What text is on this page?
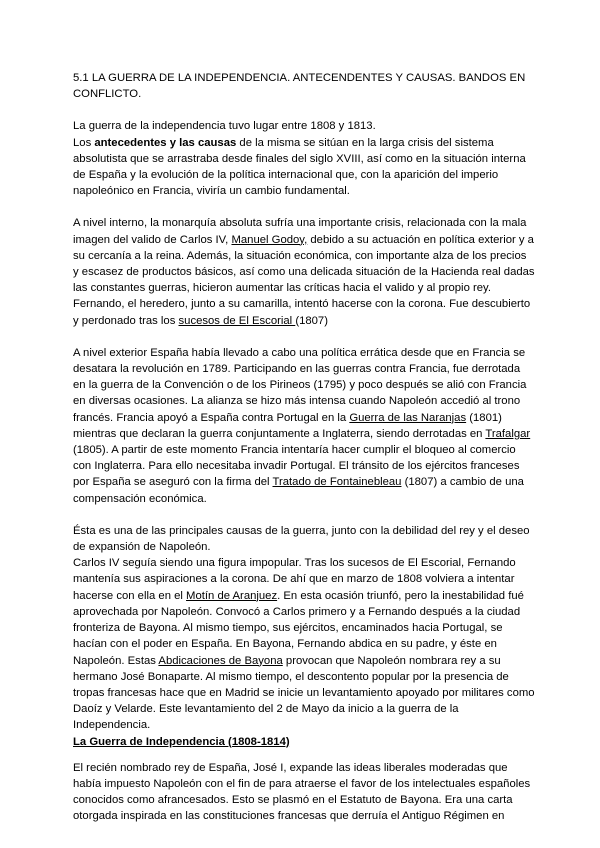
5.1 LA GUERRA DE LA INDEPENDENCIA. ANTECENDENTES Y CAUSAS. BANDOS EN CONFLICTO.

La guerra de la independencia tuvo lugar entre 1808 y 1813.
Los antecedentes y las causas de la misma se sitúan en la larga crisis del sistema absolutista que se arrastraba desde finales del siglo XVIII, así como en la situación interna de España y la evolución de la política internacional que, con la aparición del imperio napoleónico en Francia, viviría un cambio fundamental.

A nivel interno, la monarquía absoluta sufría una importante crisis, relacionada con la mala imagen del valido de Carlos IV, Manuel Godoy, debido a su actuación en política exterior y a su cercanía a la reina. Además, la situación económica, con importante alza de los precios y escasez de productos básicos, así como una delicada situación de la Hacienda real dadas las constantes guerras, hicieron aumentar las críticas hacia el valido y al propio rey. Fernando, el heredero, junto a su camarilla, intentó hacerse con la corona. Fue descubierto y perdonado tras los sucesos de El Escorial (1807)

A nivel exterior España había llevado a cabo una política errática desde que en Francia se desatara la revolución en 1789. Participando en las guerras contra Francia, fue derrotada en la guerra de la Convención o de los Pirineos (1795) y poco después se alió con Francia en diversas ocasiones. La alianza se hizo más intensa cuando Napoleón accedió al trono francés. Francia apoyó a España contra Portugal en la Guerra de las Naranjas (1801) mientras que declaran la guerra conjuntamente a Inglaterra, siendo derrotadas en Trafalgar (1805). A partir de este momento Francia intentaría hacer cumplir el bloqueo al comercio con Inglaterra. Para ello necesitaba invadir Portugal. El tránsito de los ejércitos franceses por España se aseguró con la firma del Tratado de Fontainebleau (1807) a cambio de una compensación económica.

Ésta es una de las principales causas de la guerra, junto con la debilidad del rey y el deseo de expansión de Napoleón.
Carlos IV seguía siendo una figura impopular. Tras los sucesos de El Escorial, Fernando mantenía sus aspiraciones a la corona. De ahí que en marzo de 1808 volviera a intentar hacerse con ella en el Motín de Aranjuez. En esta ocasión triunfó, pero la inestabilidad fué aprovechada por Napoleón. Convocó a Carlos primero y a Fernando después a la ciudad fronteriza de Bayona. Al mismo tiempo, sus ejércitos, encaminados hacia Portugal, se hacían con el poder en España. En Bayona, Fernando abdica en su padre, y éste en Napoleón. Estas Abdicaciones de Bayona provocan que Napoleón nombrara rey a su hermano José Bonaparte. Al mismo tiempo, el descontento popular por la presencia de tropas francesas hace que en Madrid se inicie un levantamiento apoyado por militares como Daoíz y Velarde. Este levantamiento del 2 de Mayo da inicio a la guerra de la Independencia.

La Guerra de Independencia (1808-1814)

El recién nombrado rey de España, José I, expande las ideas liberales moderadas que había impuesto Napoleón con el fin de para atraerse el favor de los intelectuales españoles conocidos como afrancesados. Esto se plasmó en el Estatuto de Bayona. Era una carta otorgada inspirada en las constituciones francesas que derruía el Antiguo Régimen en
